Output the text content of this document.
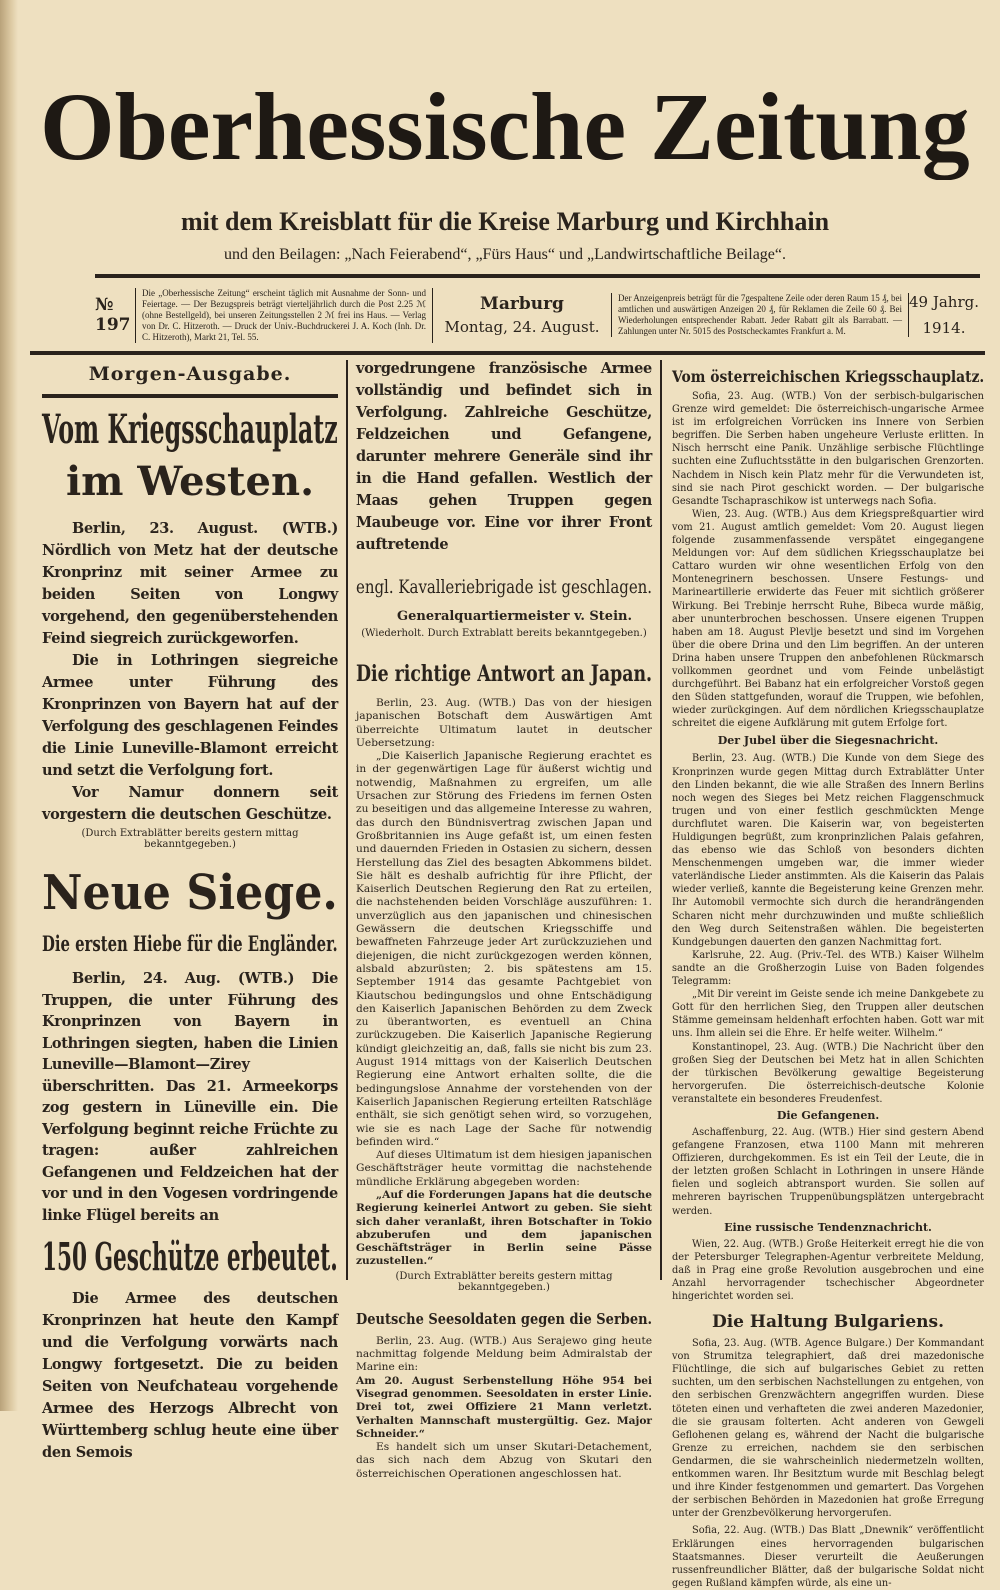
Oberhessische Zeitung
mit dem Kreisblatt für die Kreise Marburg und Kirchhain
und den Beilagen: „Nach Feierabend“, „Fürs Haus“ und „Landwirtschaftliche Beilage“.
№ 197
Die „Oberhessische Zeitung“ erscheint täglich mit Ausnahme der Sonn- und Feiertage. — Der Bezugspreis beträgt vierteljährlich durch die Post 2.25 ℳ (ohne Bestellgeld), bei unseren Zeitungsstellen 2 ℳ frei ins Haus. — Verlag von Dr. C. Hitzeroth. — Druck der Univ.-Buchdruckerei J. A. Koch (Inh. Dr. C. Hitzeroth), Markt 21, Tel. 55.
Marburg
Montag, 24. August.
Der Anzeigenpreis beträgt für die 7gespaltene Zeile oder deren Raum 15 ₰, bei amtlichen und auswärtigen Anzeigen 20 ₰, für Reklamen die Zeile 60 ₰. Bei Wiederholungen entsprechender Rabatt. Jeder Rabatt gilt als Barrabatt. — Zahlungen unter Nr. 5015 des Postscheckamtes Frankfurt a. M.
49 Jahrg.
1914.
Morgen-Ausgabe.
Vom Kriegsschauplatz
im Westen.

Berlin, 23. August. (WTB.) Nördlich von Metz hat der deutsche Kronprinz mit seiner Armee zu beiden Seiten von Longwy vorgehend, den gegenüberstehenden Feind siegreich zurückgeworfen.

Die in Lothringen siegreiche Armee unter Führung des Kronprinzen von Bayern hat auf der Verfolgung des geschlagenen Feindes die Linie Luneville-Blamont erreicht und setzt die Verfolgung fort.

Vor Namur donnern seit vorgestern die deutschen Geschütze.

(Durch Extrablätter bereits gestern mittag bekanntgegeben.)
Neue Siege.
Die ersten Hiebe für die Engländer.

Berlin, 24. Aug. (WTB.) Die Truppen, die unter Führung des Kronprinzen von Bayern in Lothringen siegten, haben die Linien Luneville—Blamont—Zirey überschritten. Das 21. Armeekorps zog gestern in Lüneville ein. Die Verfolgung beginnt reiche Früchte zu tragen: außer zahlreichen Gefangenen und Feldzeichen hat der vor und in den Vogesen vordringende linke Flügel bereits an

150 Geschütze erbeutet.

Die Armee des deutschen Kronprinzen hat heute den Kampf und die Verfolgung vorwärts nach Longwy fortgesetzt. Die zu beiden Seiten von Neufchateau vorgehende Armee des Herzogs Albrecht von Württemberg schlug heute eine über den Semois

vorgedrungene französische Armee vollständig und befindet sich in Verfolgung. Zahlreiche Geschütze, Feldzeichen und Gefangene, darunter mehrere Generäle sind ihr in die Hand gefallen. Westlich der Maas gehen Truppen gegen Maubeuge vor. Eine vor ihrer Front auftretende

engl. Kavalleriebrigade ist geschlagen.
Generalquartiermeister v. Stein.
(Wiederholt. Durch Extrablatt bereits bekanntgegeben.)
Die richtige Antwort an Japan.

Berlin, 23. Aug. (WTB.) Das von der hiesigen japanischen Botschaft dem Auswärtigen Amt überreichte Ultimatum lautet in deutscher Uebersetzung:

„Die Kaiserlich Japanische Regierung erachtet es in der gegenwärtigen Lage für äußerst wichtig und notwendig, Maßnahmen zu ergreifen, um alle Ursachen zur Störung des Friedens im fernen Osten zu beseitigen und das allgemeine Interesse zu wahren, das durch den Bündnisvertrag zwischen Japan und Großbritannien ins Auge gefaßt ist, um einen festen und dauernden Frieden in Ostasien zu sichern, dessen Herstellung das Ziel des besagten Abkommens bildet. Sie hält es deshalb aufrichtig für ihre Pflicht, der Kaiserlich Deutschen Regierung den Rat zu erteilen, die nachstehenden beiden Vorschläge auszuführen: 1. unverzüglich aus den japanischen und chinesischen Gewässern die deutschen Kriegsschiffe und bewaffneten Fahrzeuge jeder Art zurückzuziehen und diejenigen, die nicht zurückgezogen werden können, alsbald abzurüsten; 2. bis spätestens am 15. September 1914 das gesamte Pachtgebiet von Kiautschou bedingungslos und ohne Entschädigung den Kaiserlich Japanischen Behörden zu dem Zweck zu überantworten, es eventuell an China zurückzugeben. Die Kaiserlich Japanische Regierung kündigt gleichzeitig an, daß, falls sie nicht bis zum 23. August 1914 mittags von der Kaiserlich Deutschen Regierung eine Antwort erhalten sollte, die die bedingungslose Annahme der vorstehenden von der Kaiserlich Japanischen Regierung erteilten Ratschläge enthält, sie sich genötigt sehen wird, so vorzugehen, wie sie es nach Lage der Sache für notwendig befinden wird.“

Auf dieses Ultimatum ist dem hiesigen japanischen Geschäftsträger heute vormittag die nachstehende mündliche Erklärung abgegeben worden:

„Auf die Forderungen Japans hat die deutsche Regierung keinerlei Antwort zu geben. Sie sieht sich daher veranlaßt, ihren Botschafter in Tokio abzuberufen und dem japanischen Geschäftsträger in Berlin seine Pässe zuzustellen.“

(Durch Extrablätter bereits gestern mittag bekanntgegeben.)
Deutsche Seesoldaten gegen die Serben.

Berlin, 23. Aug. (WTB.) Aus Serajewo ging heute nachmittag folgende Meldung beim Admiralstab der Marine ein:

Am 20. August Serbenstellung Höhe 954 bei Visegrad genommen. Seesoldaten in erster Linie. Drei tot, zwei Offiziere 21 Mann verletzt. Verhalten Mannschaft mustergültig. Gez. Major Schneider.“

Es handelt sich um unser Skutari-Detachement, das sich nach dem Abzug von Skutari den österreichischen Operationen angeschlossen hat.

Vom österreichischen Kriegsschauplatz.

Sofia, 23. Aug. (WTB.) Von der serbisch-bulgarischen Grenze wird gemeldet: Die österreichisch-ungarische Armee ist im erfolgreichen Vorrücken ins Innere von Serbien begriffen. Die Serben haben ungeheure Verluste erlitten. In Nisch herrscht eine Panik. Unzählige serbische Flüchtlinge suchten eine Zufluchtsstätte in den bulgarischen Grenzorten. Nachdem in Nisch kein Platz mehr für die Verwundeten ist, sind sie nach Pirot geschickt worden. — Der bulgarische Gesandte Tschapraschikow ist unterwegs nach Sofia.

Wien, 23. Aug. (WTB.) Aus dem Kriegspreßquartier wird vom 21. August amtlich gemeldet: Vom 20. August liegen folgende zusammenfassende verspätet eingegangene Meldungen vor: Auf dem südlichen Kriegsschauplatze bei Cattaro wurden wir ohne wesentlichen Erfolg von den Montenegrinern beschossen. Unsere Festungs- und Marineartillerie erwiderte das Feuer mit sichtlich größerer Wirkung. Bei Trebinje herrscht Ruhe, Bibeca wurde mäßig, aber ununterbrochen beschossen. Unsere eigenen Truppen haben am 18. August Plevlje besetzt und sind im Vorgehen über die obere Drina und den Lim begriffen. An der unteren Drina haben unsere Truppen den anbefohlenen Rückmarsch vollkommen geordnet und vom Feinde unbelästigt durchgeführt. Bei Babanz hat ein erfolgreicher Vorstoß gegen den Süden stattgefunden, worauf die Truppen, wie befohlen, wieder zurückgingen. Auf dem nördlichen Kriegsschauplatze schreitet die eigene Aufklärung mit gutem Erfolge fort.

Der Jubel über die Siegesnachricht.

Berlin, 23. Aug. (WTB.) Die Kunde von dem Siege des Kronprinzen wurde gegen Mittag durch Extrablätter Unter den Linden bekannt, die wie alle Straßen des Innern Berlins noch wegen des Sieges bei Metz reichen Flaggenschmuck trugen und von einer festlich geschmückten Menge durchflutet waren. Die Kaiserin war, von begeisterten Huldigungen begrüßt, zum kronprinzlichen Palais gefahren, das ebenso wie das Schloß von besonders dichten Menschenmengen umgeben war, die immer wieder vaterländische Lieder anstimmten. Als die Kaiserin das Palais wieder verließ, kannte die Begeisterung keine Grenzen mehr. Ihr Automobil vermochte sich durch die herandrängenden Scharen nicht mehr durchzuwinden und mußte schließlich den Weg durch Seitenstraßen wählen. Die begeisterten Kundgebungen dauerten den ganzen Nachmittag fort.

Karlsruhe, 22. Aug. (Priv.-Tel. des WTB.) Kaiser Wilhelm sandte an die Großherzogin Luise von Baden folgendes Telegramm:

„Mit Dir vereint im Geiste sende ich meine Dankgebete zu Gott für den herrlichen Sieg, den Truppen aller deutschen Stämme gemeinsam heldenhaft erfochten haben. Gott war mit uns. Ihm allein sei die Ehre. Er helfe weiter. Wilhelm.“

Konstantinopel, 23. Aug. (WTB.) Die Nachricht über den großen Sieg der Deutschen bei Metz hat in allen Schichten der türkischen Bevölkerung gewaltige Begeisterung hervorgerufen. Die österreichisch-deutsche Kolonie veranstaltete ein besonderes Freudenfest.

Die Gefangenen.

Aschaffenburg, 22. Aug. (WTB.) Hier sind gestern Abend gefangene Franzosen, etwa 1100 Mann mit mehreren Offizieren, durchgekommen. Es ist ein Teil der Leute, die in der letzten großen Schlacht in Lothringen in unsere Hände fielen und sogleich abtransport wurden. Sie sollen auf mehreren bayrischen Truppenübungsplätzen untergebracht werden.

Eine russische Tendenznachricht.

Wien, 22. Aug. (WTB.) Große Heiterkeit erregt hie die von der Petersburger Telegraphen-Agentur verbreitete Meldung, daß in Prag eine große Revolution ausgebrochen und eine Anzahl hervorragender tschechischer Abgeordneter hingerichtet worden sei.

Die Haltung Bulgariens.

Sofia, 23. Aug. (WTB. Agence Bulgare.) Der Kommandant von Strumitza telegraphiert, daß drei mazedonische Flüchtlinge, die sich auf bulgarisches Gebiet zu retten suchten, um den serbischen Nachstellungen zu entgehen, von den serbischen Grenzwächtern angegriffen wurden. Diese töteten einen und verhafteten die zwei anderen Mazedonier, die sie grausam folterten. Acht anderen von Gewgeli Geflohenen gelang es, während der Nacht die bulgarische Grenze zu erreichen, nachdem sie den serbischen Gendarmen, die sie wahrscheinlich niedermetzeln wollten, entkommen waren. Ihr Besitztum wurde mit Beschlag belegt und ihre Kinder festgenommen und gemartert. Das Vorgehen der serbischen Behörden in Mazedonien hat große Erregung unter der Grenzbevölkerung hervorgerufen.

Sofia, 22. Aug. (WTB.) Das Blatt „Dnewnik“ veröffentlicht Erklärungen eines hervorragenden bulgarischen Staatsmannes. Dieser verurteilt die Aeußerungen russenfreundlicher Blätter, daß der bulgarische Soldat nicht gegen Rußland kämpfen würde, als eine un-
